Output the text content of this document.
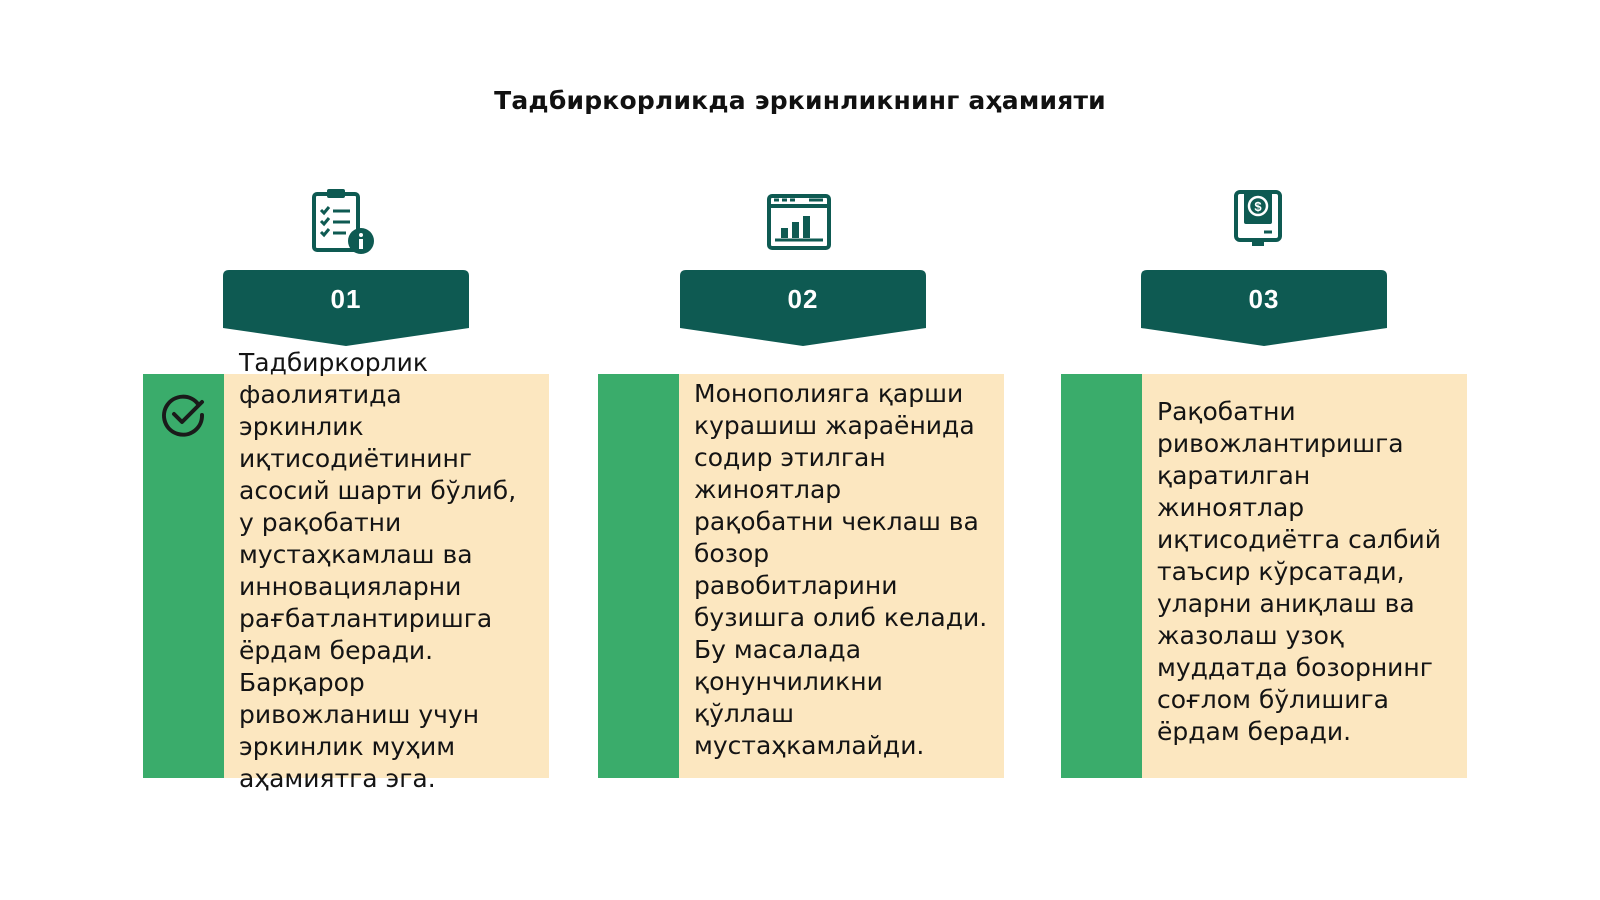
Тадбиркорликда эркинликнинг аҳамияти
01
Тадбиркорлик
фаолиятида
эркинлик
иқтисодиётининг
асосий шарти бўлиб,
у рақобатни
мустаҳкамлаш ва
инновацияларни
рағбатлантиришга
ёрдам беради.
Барқарор
ривожланиш учун
эркинлик муҳим
аҳамиятга эга.
02
Монополияга қарши
курашиш жараёнида
содир этилган
жиноятлар
рақобатни чеклаш ва
бозор
равобитларини
бузишга олиб келади.
Бу масалада
қонунчиликни
қўллаш
мустаҳкамлайди.
$
03
Рақобатни
ривожлантиришга
қаратилган
жиноятлар
иқтисодиётга салбий
таъсир кўрсатади,
уларни аниқлаш ва
жазолаш узоқ
муддатда бозорнинг
соғлом бўлишига
ёрдам беради.
